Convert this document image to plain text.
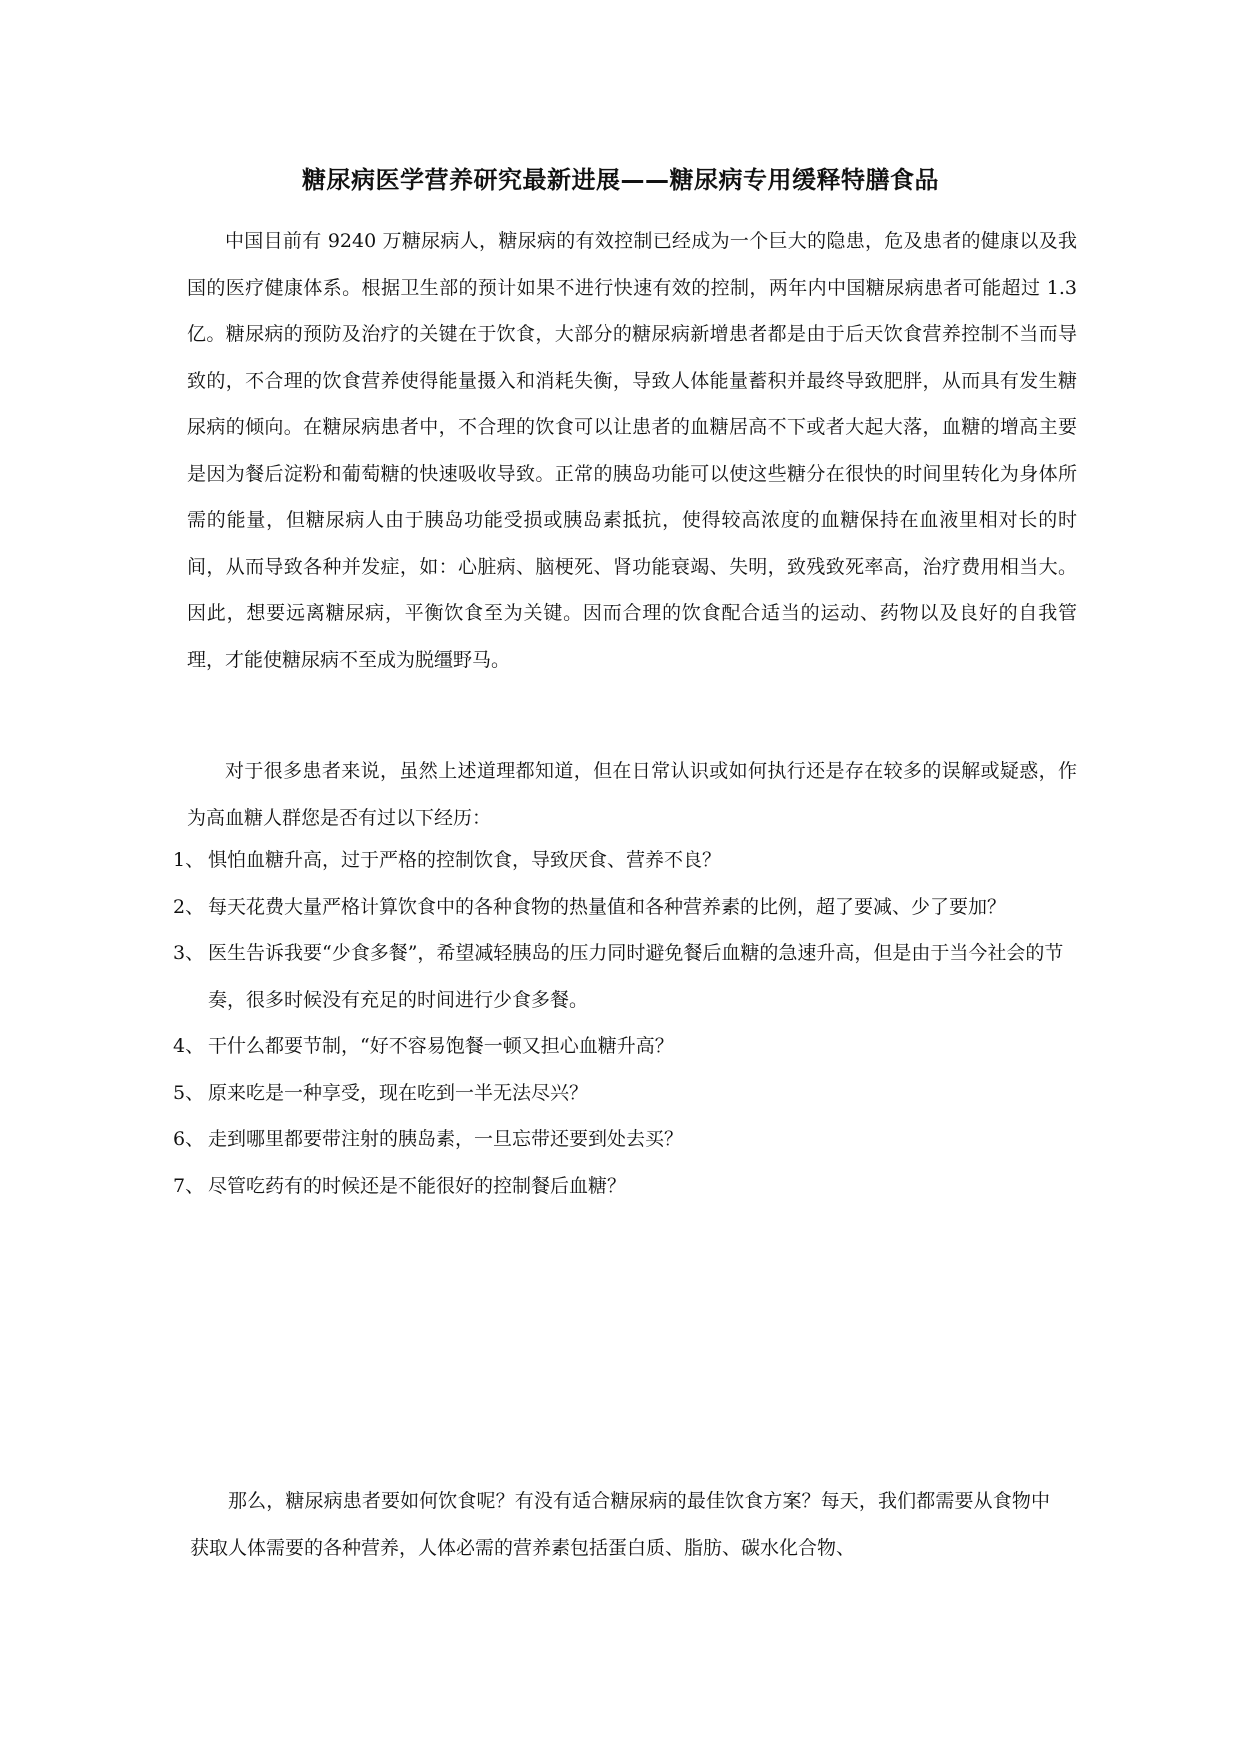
糖尿病医学营养研究最新进展——糖尿病专用缓释特膳食品

中国目前有 9240 万糖尿病人，糖尿病的有效控制已经成为一个巨大的隐患，危及患者的健康以及我国的医疗健康体系。根据卫生部的预计如果不进行快速有效的控制，两年内中国糖尿病患者可能超过 1.3 亿。糖尿病的预防及治疗的关键在于饮食，大部分的糖尿病新增患者都是由于后天饮食营养控制不当而导致的，不合理的饮食营养使得能量摄入和消耗失衡，导致人体能量蓄积并最终导致肥胖，从而具有发生糖尿病的倾向。在糖尿病患者中，不合理的饮食可以让患者的血糖居高不下或者大起大落，血糖的增高主要是因为餐后淀粉和葡萄糖的快速吸收导致。正常的胰岛功能可以使这些糖分在很快的时间里转化为身体所需的能量，但糖尿病人由于胰岛功能受损或胰岛素抵抗，使得较高浓度的血糖保持在血液里相对长的时间，从而导致各种并发症，如：心脏病、脑梗死、肾功能衰竭、失明，致残致死率高，治疗费用相当大。因此，想要远离糖尿病，平衡饮食至为关键。因而合理的饮食配合适当的运动、药物以及良好的自我管理，才能使糖尿病不至成为脱缰野马。

对于很多患者来说，虽然上述道理都知道，但在日常认识或如何执行还是存在较多的误解或疑惑，作为高血糖人群您是否有过以下经历：

1、 惧怕血糖升高，过于严格的控制饮食，导致厌食、营养不良？
2、 每天花费大量严格计算饮食中的各种食物的热量值和各种营养素的比例，超了要减、少了要加？
3、 医生告诉我要“少食多餐”，希望减轻胰岛的压力同时避免餐后血糖的急速升高，但是由于当今社会的节奏，很多时候没有充足的时间进行少食多餐。
4、 干什么都要节制，“好不容易饱餐一顿又担心血糖升高？
5、 原来吃是一种享受，现在吃到一半无法尽兴？
6、 走到哪里都要带注射的胰岛素，一旦忘带还要到处去买？
7、 尽管吃药有的时候还是不能很好的控制餐后血糖？

那么，糖尿病患者要如何饮食呢？有没有适合糖尿病的最佳饮食方案？每天，我们都需要从食物中获取人体需要的各种营养，人体必需的营养素包括蛋白质、脂肪、碳水化合物、
